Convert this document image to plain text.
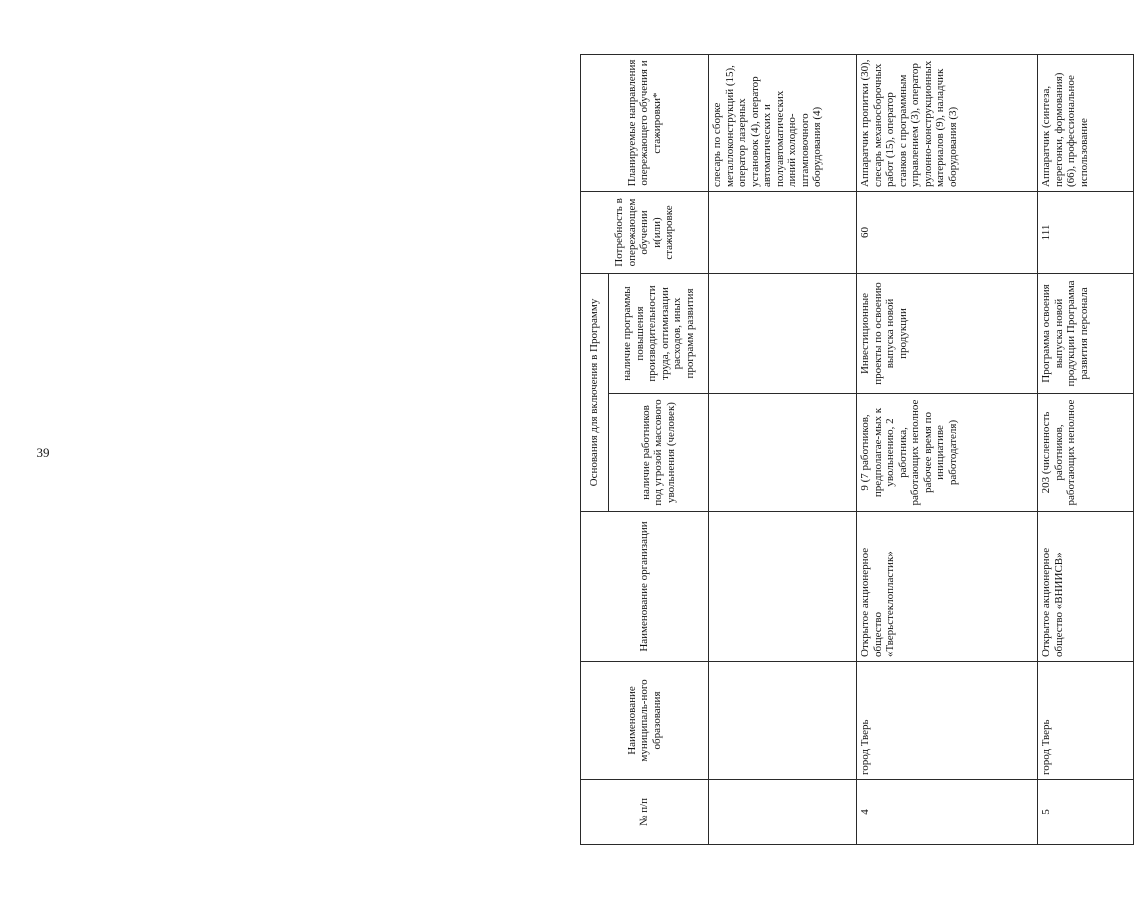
39
№ п/п	Наименование муниципаль-ного образования	Наименование организации	Основания для включения в Программу		Потребность в опережающем обучении и(или) стажировке	Планируемые направления опережающего обучения и стажировки*
			наличие работников под угрозой массового увольнения (человек)	наличие программы повышения производительности труда, оптимизации расходов, иных программ развития		
						слесарь по сборке металлоконструкций (15), оператор лазерных установок (4), оператор автоматических и полуавтоматических линий холодно-штамповочного оборудования (4)
4	город Тверь	Открытое акционерное общество «Тверьстеклопластик»	9 (7 работников, предполагае-мых к увольнению, 2 работника, работающих неполное рабочее время по инициативе работодателя)	Инвестиционные проекты по освоению выпуска новой продукции	60	Аппаратчик пропитки (30), слесарь механосборочных работ (15), оператор станков с программным управлением (3), оператор рулонно-конструкционных материалов (9), наладчик оборудования (3)
5	город Тверь	Открытое акционерное общество «ВНИИСВ»	203 (численность работников, работающих неполное	Программа освоения выпуска новой продукции Программа развития персонала	111	Аппаратчик (синтеза, перегонки, формования) (66), профессиональное использование
